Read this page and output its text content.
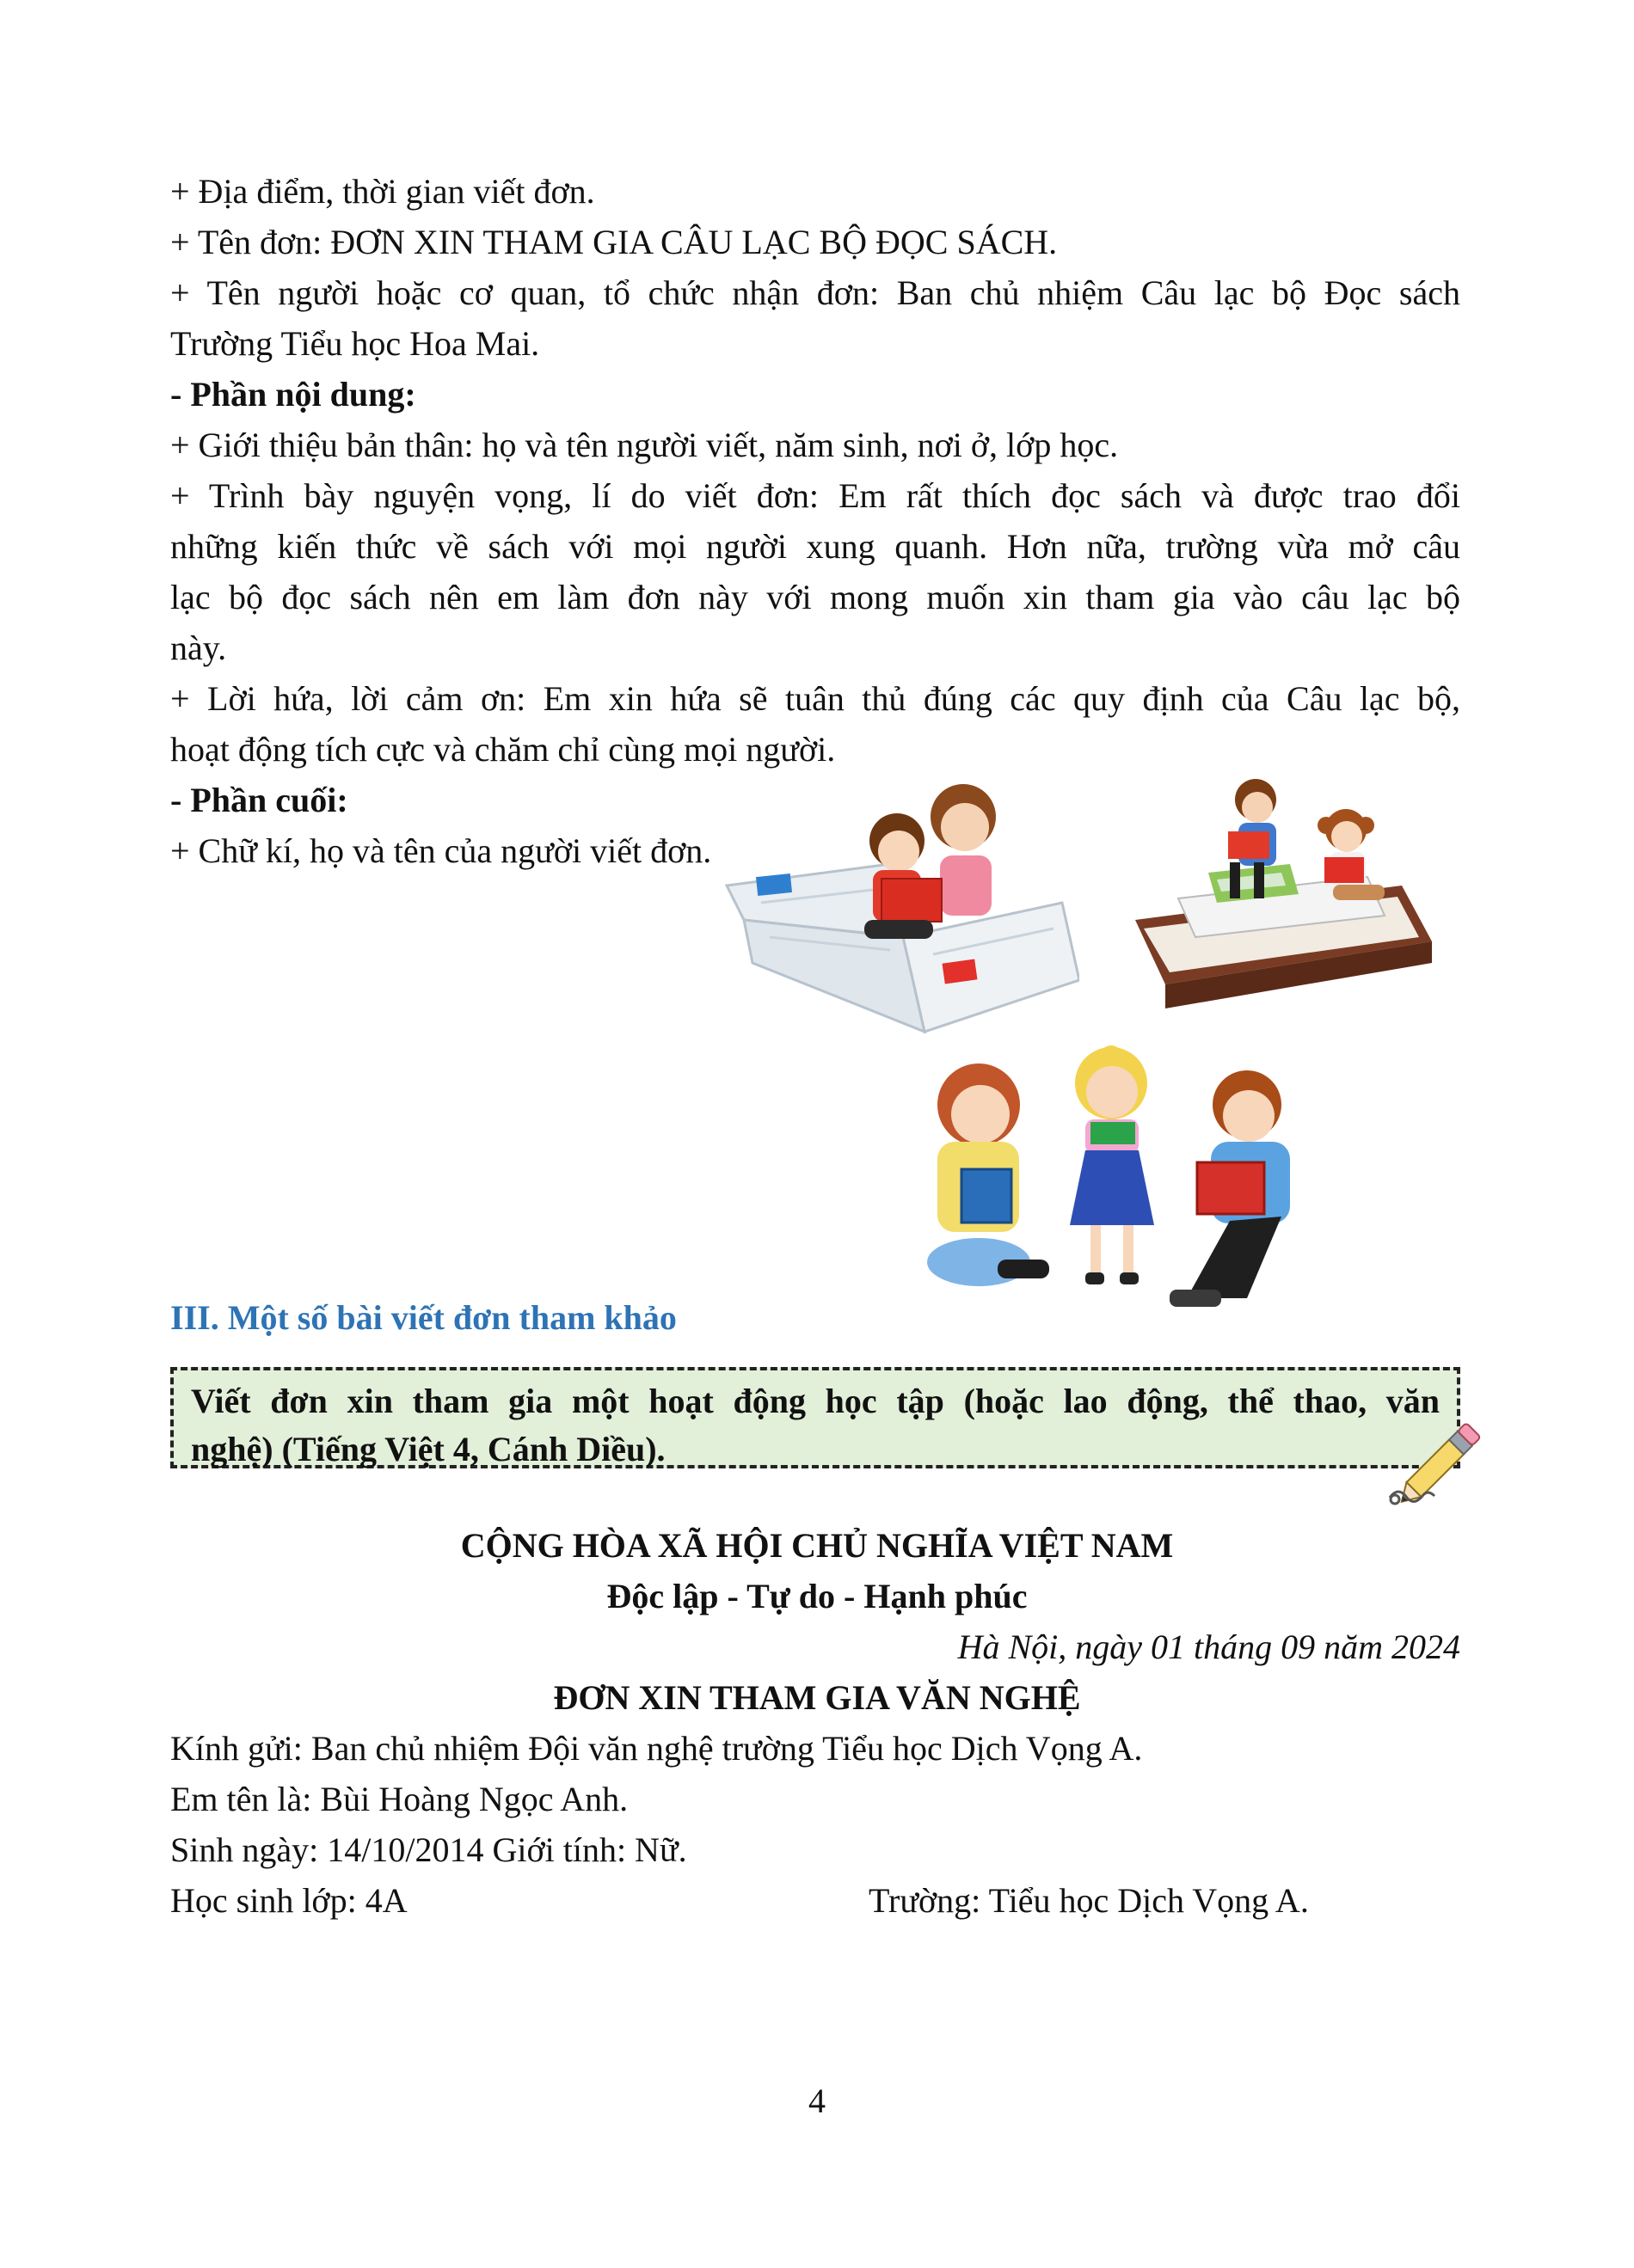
+ Địa điểm, thời gian viết đơn.
+ Tên đơn: ĐƠN XIN THAM GIA CÂU LẠC BỘ ĐỌC SÁCH.
+ Tên người hoặc cơ quan, tổ chức nhận đơn: Ban chủ nhiệm Câu lạc bộ Đọc sách
Trường Tiểu học Hoa Mai.
- Phần nội dung:
+ Giới thiệu bản thân: họ và tên người viết, năm sinh, nơi ở, lớp học.
+ Trình bày nguyện vọng, lí do viết đơn: Em rất thích đọc sách và được trao đổi
những kiến thức về sách với mọi người xung quanh. Hơn nữa, trường vừa mở câu
lạc bộ đọc sách nên em làm đơn này với mong muốn xin tham gia vào câu lạc bộ
này.
+ Lời hứa, lời cảm ơn: Em xin hứa sẽ tuân thủ đúng các quy định của Câu lạc bộ,
hoạt động tích cực và chăm chỉ cùng mọi người.
- Phần cuối:
+ Chữ kí, họ và tên của người viết đơn.
III. Một số bài viết đơn tham khảo
Viết đơn xin tham gia một hoạt động học tập (hoặc lao động, thể thao, văn
nghệ) (Tiếng Việt 4, Cánh Diều).
CỘNG HÒA XÃ HỘI CHỦ NGHĨA VIỆT NAM
Độc lập - Tự do - Hạnh phúc
Hà Nội, ngày 01 tháng 09 năm 2024
ĐƠN XIN THAM GIA VĂN NGHỆ
Kính gửi: Ban chủ nhiệm Đội văn nghệ trường Tiểu học Dịch Vọng A.
Em tên là: Bùi Hoàng Ngọc Anh.
Sinh ngày: 14/10/2014 Giới tính: Nữ.
Học sinh lớp: 4A	Trường: Tiểu học Dịch Vọng A.
4
